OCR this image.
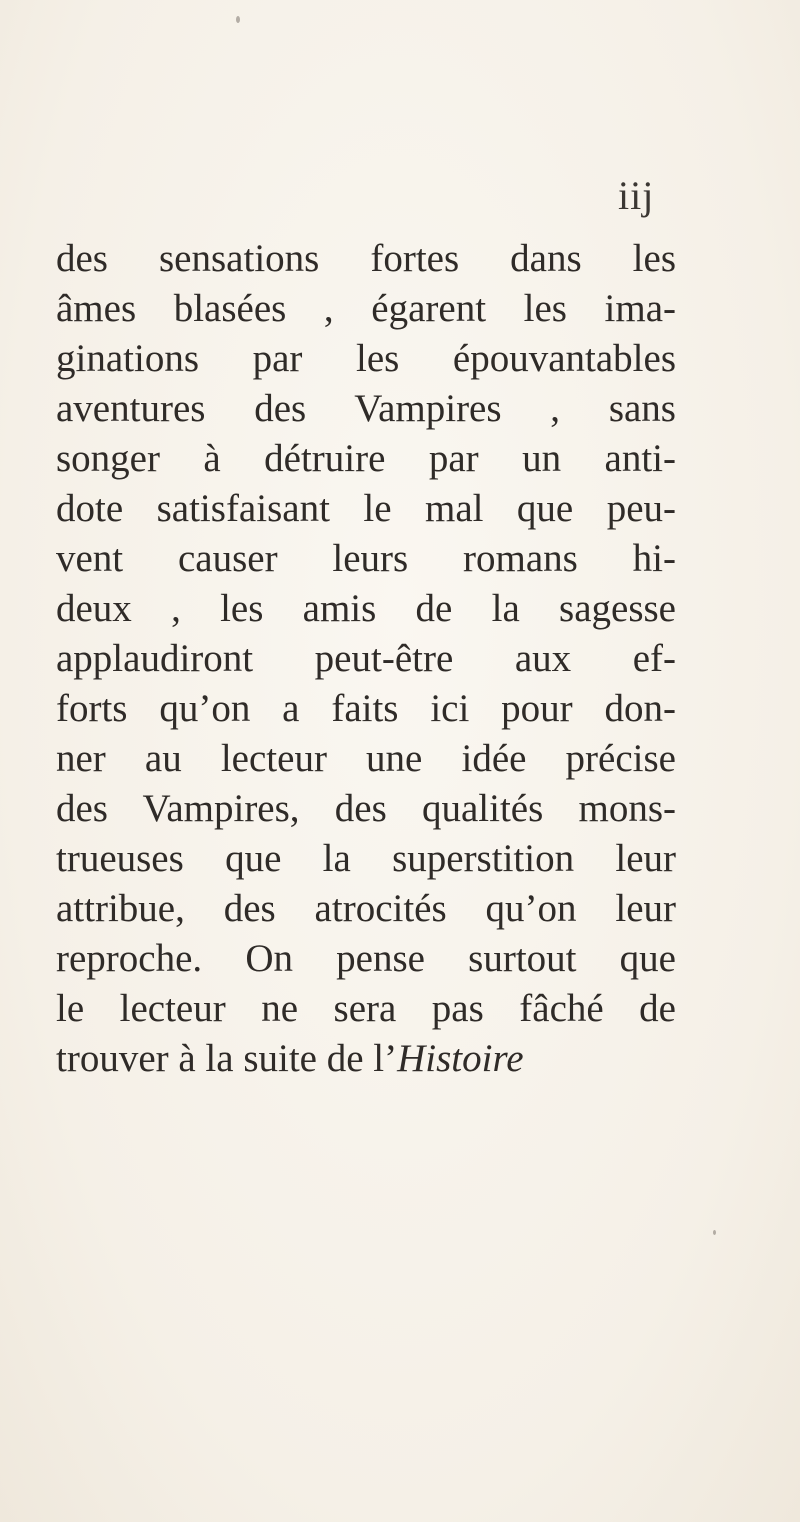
iij
des sensations fortes dans les
âmes blasées , égarent les ima-
ginations par les épouvantables
aventures des Vampires , sans
songer à détruire par un anti-
dote satisfaisant le mal que peu-
vent causer leurs romans hi-
deux , les amis de la sagesse
applaudiront peut-être aux ef-
forts qu’on a faits ici pour don-
ner au lecteur une idée précise
des Vampires, des qualités mons-
trueuses que la superstition leur
attribue, des atrocités qu’on leur
reproche. On pense surtout que
le lecteur ne sera pas fâché de
trouver à la suite de l’Histoire
